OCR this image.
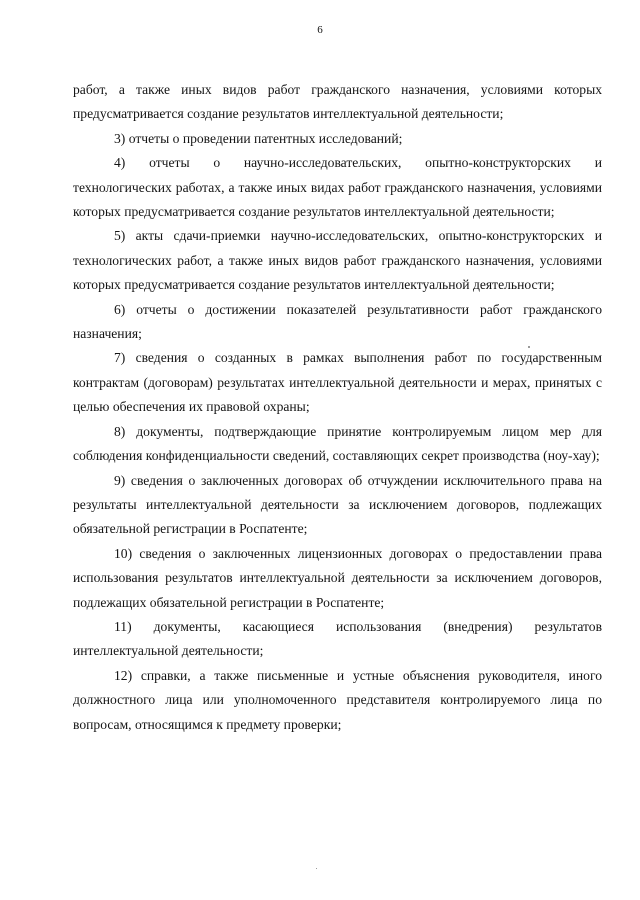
6

работ, а также иных видов работ гражданского назначения, условиями которых предусматривается создание результатов интеллектуальной деятельности;

3) отчеты о проведении патентных исследований;

4) отчеты о научно-исследовательских, опытно-конструкторских и технологических работах, а также иных видах работ гражданского назначения, условиями которых предусматривается создание результатов интеллектуальной деятельности;

5) акты сдачи-приемки научно-исследовательских, опытно-конструкторских и технологических работ, а также иных видов работ гражданского назначения, условиями которых предусматривается создание результатов интеллектуальной деятельности;

6) отчеты о достижении показателей результативности работ гражданского назначения;

7) сведения о созданных в рамках выполнения работ по государственным контрактам (договорам) результатах интеллектуальной деятельности и мерах, принятых с целью обеспечения их правовой охраны;

8) документы, подтверждающие принятие контролируемым лицом мер для соблюдения конфиденциальности сведений, составляющих секрет производства (ноу-хау);

9) сведения о заключенных договорах об отчуждении исключительного права на результаты интеллектуальной деятельности за исключением договоров, подлежащих обязательной регистрации в Роспатенте;

10) сведения о заключенных лицензионных договорах о предоставлении права использования результатов интеллектуальной деятельности за исключением договоров, подлежащих обязательной регистрации в Роспатенте;

11) документы, касающиеся использования (внедрения) результатов интеллектуальной деятельности;

12) справки, а также письменные и устные объяснения руководителя, иного должностного лица или уполномоченного представителя контролируемого лица по вопросам, относящимся к предмету проверки;
